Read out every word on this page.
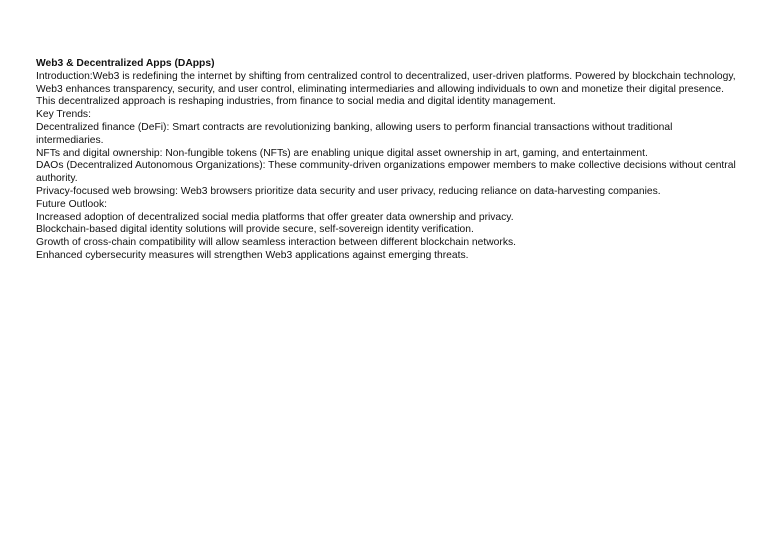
Web3 & Decentralized Apps (DApps)

Introduction:Web3 is redefining the internet by shifting from centralized control to decentralized, user-driven platforms. Powered by blockchain technology, Web3 enhances transparency, security, and user control, eliminating intermediaries and allowing individuals to own and monetize their digital presence. This decentralized approach is reshaping industries, from finance to social media and digital identity management.

Key Trends:

Decentralized finance (DeFi): Smart contracts are revolutionizing banking, allowing users to perform financial transactions without traditional intermediaries.

NFTs and digital ownership: Non-fungible tokens (NFTs) are enabling unique digital asset ownership in art, gaming, and entertainment.

DAOs (Decentralized Autonomous Organizations): These community-driven organizations empower members to make collective decisions without central authority.

Privacy-focused web browsing: Web3 browsers prioritize data security and user privacy, reducing reliance on data-harvesting companies.

Future Outlook:

Increased adoption of decentralized social media platforms that offer greater data ownership and privacy.

Blockchain-based digital identity solutions will provide secure, self-sovereign identity verification.

Growth of cross-chain compatibility will allow seamless interaction between different blockchain networks.

Enhanced cybersecurity measures will strengthen Web3 applications against emerging threats.
